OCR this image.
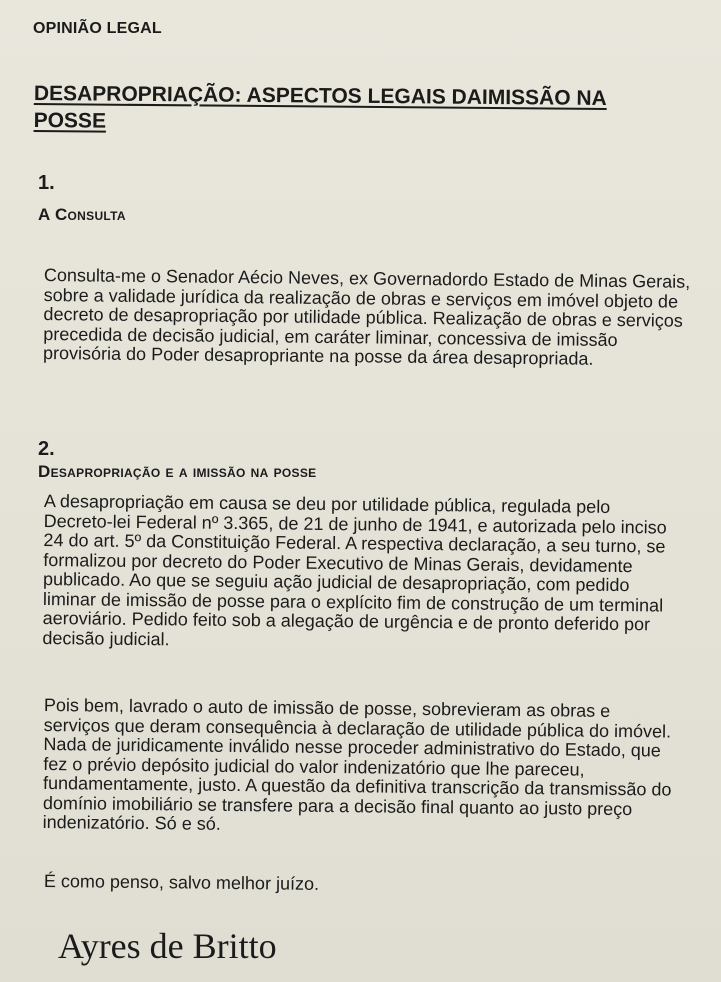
OPINIÃO LEGAL
DESAPROPRIAÇÃO: ASPECTOS LEGAIS DAIMISSÃO NA POSSE
1.
A Consulta
Consulta-me o Senador Aécio Neves, ex Governadordo Estado de Minas Gerais, sobre a validade jurídica da realização de obras e serviços em imóvel objeto de decreto de desapropriação por utilidade pública. Realização de obras e serviços precedida de decisão judicial, em caráter liminar, concessiva de imissão provisória do Poder desapropriante na posse da área desapropriada.
2.
Desapropriação e a imissão na posse
A desapropriação em causa se deu por utilidade pública, regulada pelo Decreto-lei Federal nº 3.365, de 21 de junho de 1941, e autorizada pelo inciso 24 do art. 5º da Constituição Federal. A respectiva declaração, a seu turno, se formalizou por decreto do Poder Executivo de Minas Gerais, devidamente publicado. Ao que se seguiu ação judicial de desapropriação, com pedido liminar de imissão de posse para o explícito fim de construção de um terminal aeroviário. Pedido feito sob a alegação de urgência e de pronto deferido por decisão judicial.
Pois bem, lavrado o auto de imissão de posse, sobrevieram as obras e serviços que deram consequência à declaração de utilidade pública do imóvel. Nada de juridicamente inválido nesse proceder administrativo do Estado, que fez o prévio depósito judicial do valor indenizatório que lhe pareceu, fundamentamente, justo. A questão da definitiva transcrição da transmissão do domínio imobiliário se transfere para a decisão final quanto ao justo preço indenizatório. Só e só.
É como penso, salvo melhor juízo.
Ayres de Britto
